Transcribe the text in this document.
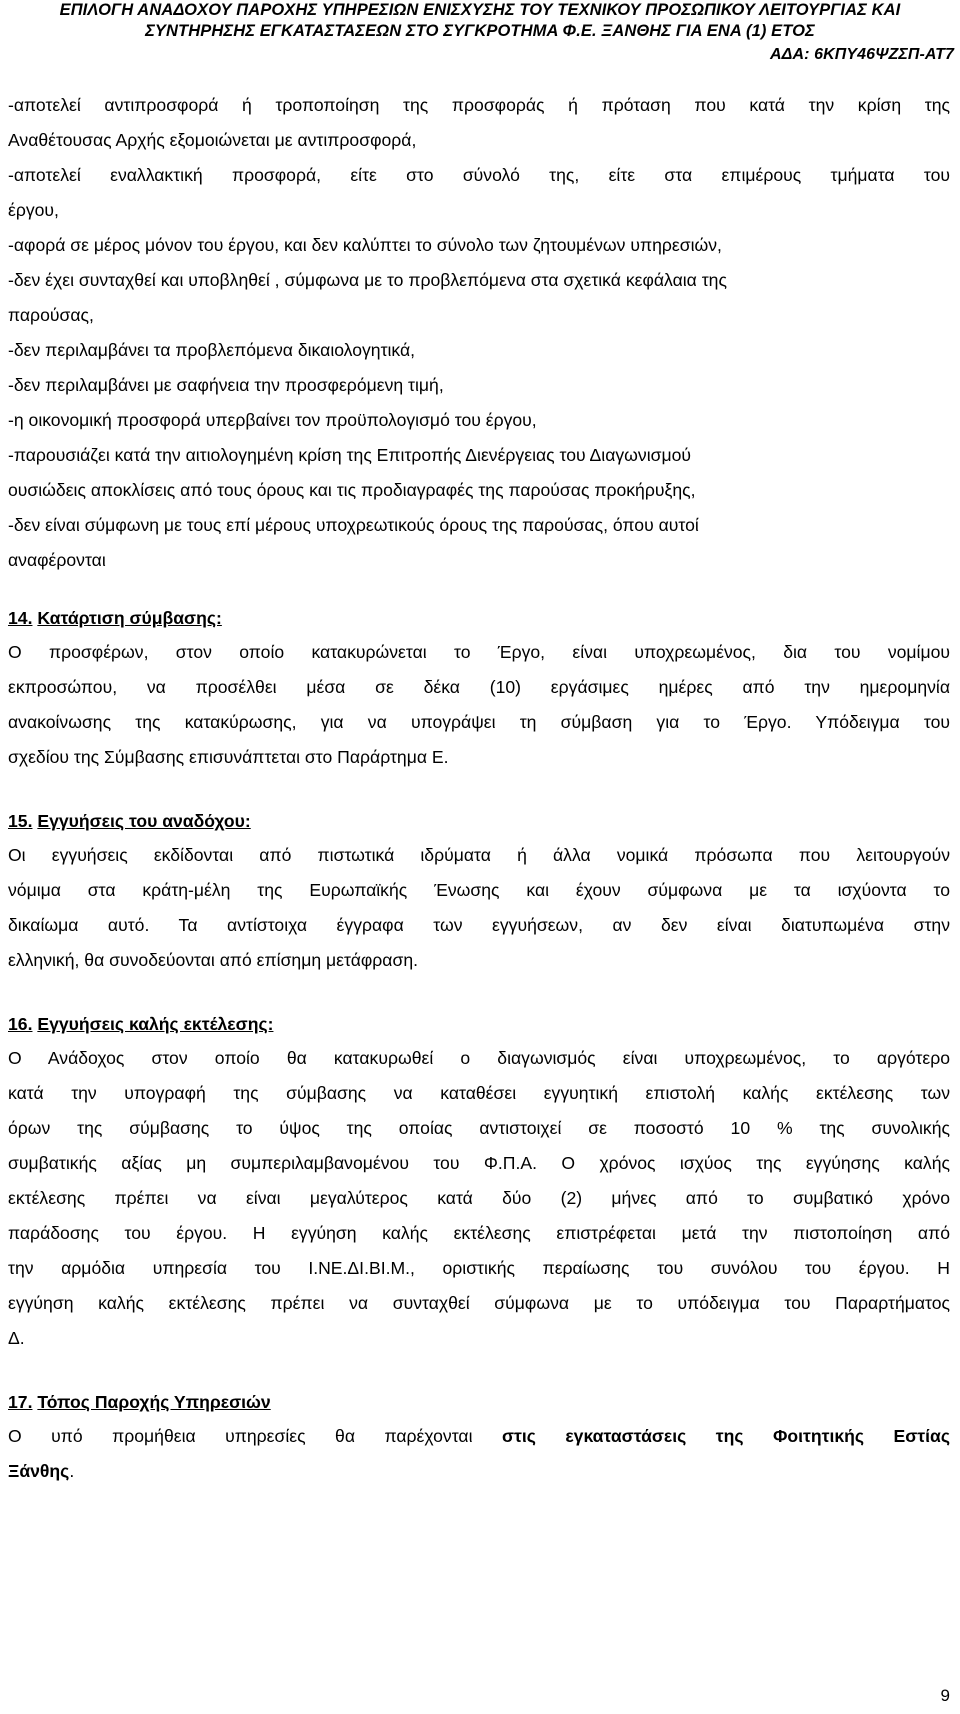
ΕΠΙΛΟΓΗ ΑΝΑΔΟΧΟΥ ΠΑΡΟΧΗΣ ΥΠΗΡΕΣΙΩΝ ΕΝΙΣΧΥΣΗΣ ΤΟΥ ΤΕΧΝΙΚΟΥ ΠΡΟΣΩΠΙΚΟΥ ΛΕΙΤΟΥΡΓΙΑΣ ΚΑΙ
ΣΥΝΤΗΡΗΣΗΣ ΕΓΚΑΤΑΣΤΑΣΕΩΝ ΣΤΟ ΣΥΓΚΡΟΤΗΜΑ Φ.Ε. ΞΑΝΘΗΣ ΓΙΑ ΕΝΑ (1) ΕΤΟΣ
ΑΔΑ: 6ΚΠΥ46ΨΖΣΠ-ΑΤ7
-αποτελεί αντιπροσφορά ή τροποποίηση της προσφοράς ή πρόταση που κατά την κρίση της
Αναθέτουσας Αρχής εξομοιώνεται με αντιπροσφορά,
-αποτελεί εναλλακτική προσφορά, είτε στο σύνολό της, είτε στα επιμέρους τμήματα του
έργου,
-αφορά σε μέρος μόνον του έργου, και δεν καλύπτει το σύνολο των ζητουμένων υπηρεσιών,
-δεν έχει συνταχθεί και υποβληθεί , σύμφωνα με το προβλεπόμενα στα σχετικά κεφάλαια της
παρούσας,
-δεν περιλαμβάνει τα προβλεπόμενα δικαιολογητικά,
-δεν περιλαμβάνει με σαφήνεια την προσφερόμενη τιμή,
-η οικονομική προσφορά υπερβαίνει τον προϋπολογισμό του έργου,
-παρουσιάζει κατά την αιτιολογημένη κρίση της Επιτροπής Διενέργειας του Διαγωνισμού
ουσιώδεις αποκλίσεις από τους όρους και τις προδιαγραφές της παρούσας προκήρυξης,
-δεν είναι σύμφωνη με τους επί μέρους υποχρεωτικούς όρους της παρούσας, όπου αυτοί
αναφέρονται
14. Κατάρτιση σύμβασης:
Ο προσφέρων, στον οποίο κατακυρώνεται το Έργο, είναι υποχρεωμένος, δια του νομίμου
εκπροσώπου, να προσέλθει μέσα σε δέκα (10) εργάσιμες ημέρες από την ημερομηνία
ανακοίνωσης της κατακύρωσης, για να υπογράψει τη σύμβαση για το Έργο. Υπόδειγμα του
σχεδίου της Σύμβασης επισυνάπτεται στο Παράρτημα Ε.
15. Εγγυήσεις του αναδόχου:
Οι εγγυήσεις εκδίδονται από πιστωτικά ιδρύματα ή άλλα νομικά πρόσωπα που λειτουργούν
νόμιμα στα κράτη-μέλη της Ευρωπαϊκής Ένωσης και έχουν σύμφωνα με τα ισχύοντα το
δικαίωμα αυτό. Τα αντίστοιχα έγγραφα των εγγυήσεων, αν δεν είναι διατυπωμένα στην
ελληνική, θα συνοδεύονται από επίσημη μετάφραση.
16. Εγγυήσεις καλής εκτέλεσης:
Ο Ανάδοχος στον οποίο θα κατακυρωθεί ο διαγωνισμός είναι υποχρεωμένος, το αργότερο
κατά την υπογραφή της σύμβασης να καταθέσει εγγυητική επιστολή καλής εκτέλεσης των
όρων της σύμβασης το ύψος της οποίας αντιστοιχεί σε ποσοστό 10 % της συνολικής
συμβατικής αξίας μη συμπεριλαμβανομένου του Φ.Π.Α. Ο χρόνος ισχύος της εγγύησης καλής
εκτέλεσης πρέπει να είναι μεγαλύτερος κατά δύο (2) μήνες από το συμβατικό χρόνο
παράδοσης του έργου. Η εγγύηση καλής εκτέλεσης επιστρέφεται μετά την πιστοποίηση από
την αρμόδια υπηρεσία του Ι.ΝΕ.ΔΙ.ΒΙ.Μ., οριστικής περαίωσης του συνόλου του έργου. Η
εγγύηση καλής εκτέλεσης πρέπει να συνταχθεί σύμφωνα με το υπόδειγμα του Παραρτήματος
Δ.
17. Τόπος Παροχής Υπηρεσιών
Ο υπό προμήθεια υπηρεσίες θα παρέχονται στις εγκαταστάσεις της Φοιτητικής Εστίας
Ξάνθης.
9
